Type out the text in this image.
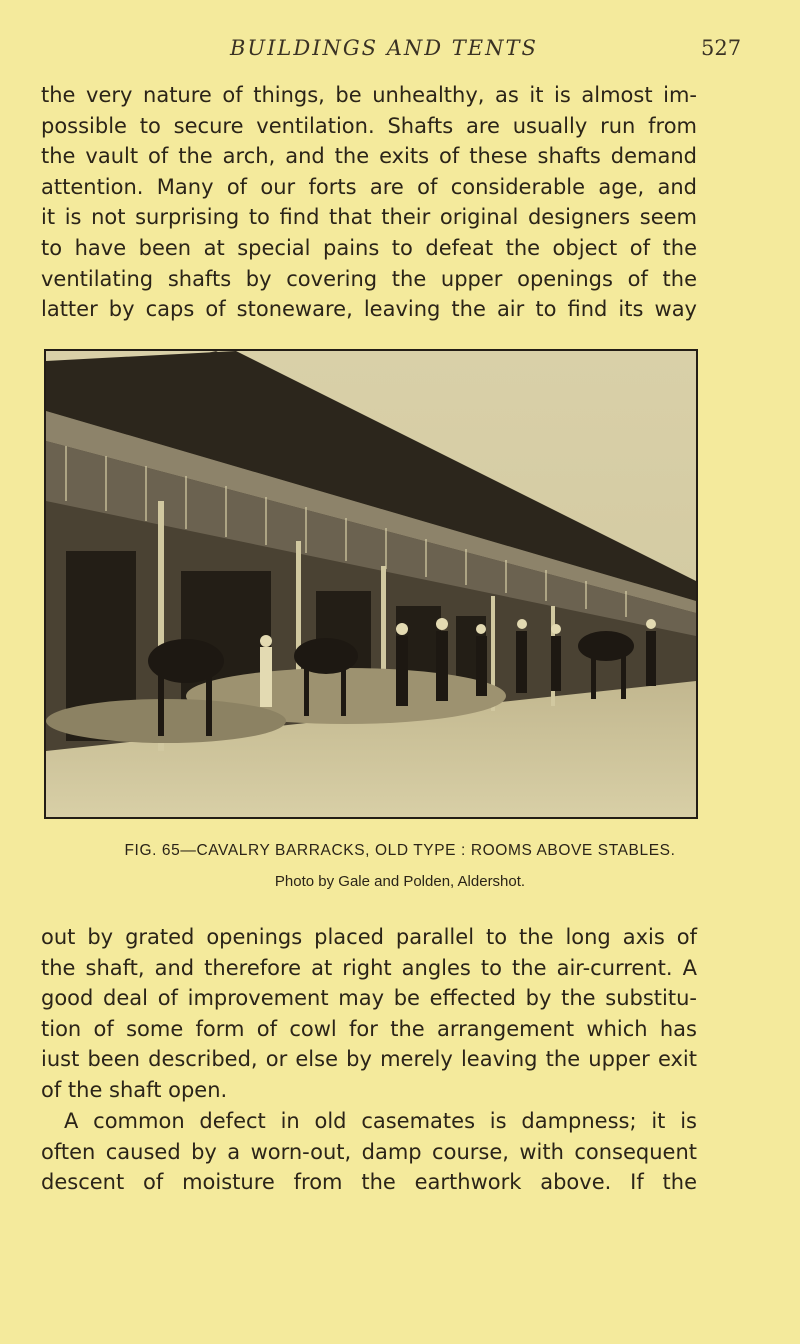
BUILDINGS AND TENTS	527

the very nature of things, be unhealthy, as it is almost im-
possible to secure ventilation. Shafts are usually run from
the vault of the arch, and the exits of these shafts demand
attention. Many of our forts are of considerable age, and
it is not surprising to find that their original designers seem
to have been at special pains to defeat the object of the
ventilating shafts by covering the upper openings of the
latter by caps of stoneware, leaving the air to find its way

FIG. 65—CAVALRY BARRACKS, OLD TYPE : ROOMS ABOVE STABLES.
Photo by Gale and Polden, Aldershot.

out by grated openings placed parallel to the long axis of
the shaft, and therefore at right angles to the air-current. A
good deal of improvement may be effected by the substitu-
tion of some form of cowl for the arrangement which has
iust been described, or else by merely leaving the upper exit
of the shaft open.

A common defect in old casemates is dampness; it is
often caused by a worn-out, damp course, with consequent
descent of moisture from the earthwork above. If the
